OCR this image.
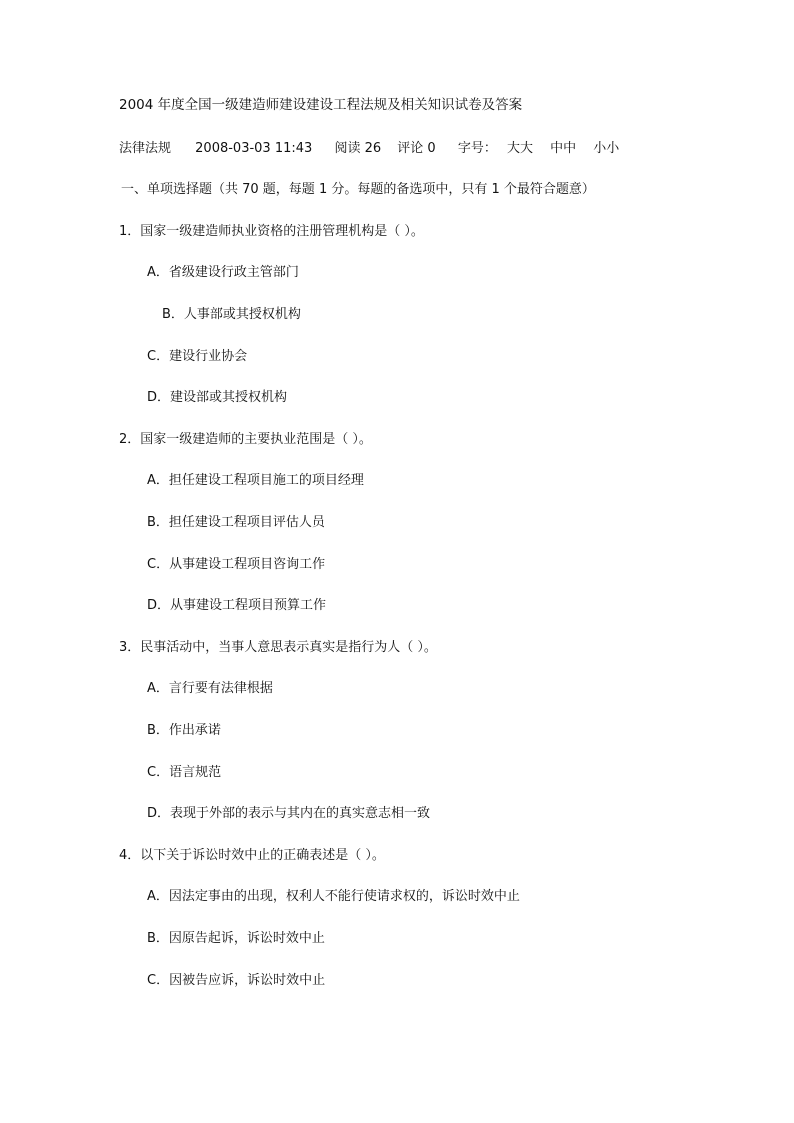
2004 年度全国一级建造师建设建设工程法规及相关知识试卷及答案
法律法规 2008-03-03 11:43 阅读 26 评论 0 字号： 大大 中中 小小
一、单项选择题（共 70 题，每题 1 分。每题的备选项中，只有 1 个最符合题意）
1．国家一级建造师执业资格的注册管理机构是（ ）。
A．省级建设行政主管部门
B．人事部或其授权机构
C．建设行业协会
D．建设部或其授权机构
2．国家一级建造师的主要执业范围是（ ）。
A．担任建设工程项目施工的项目经理
B．担任建设工程项目评估人员
C．从事建设工程项目咨询工作
D．从事建设工程项目预算工作
3．民事活动中，当事人意思表示真实是指行为人（ ）。
A．言行要有法律根据
B．作出承诺
C．语言规范
D．表现于外部的表示与其内在的真实意志相一致
4．以下关于诉讼时效中止的正确表述是（ ）。
A．因法定事由的出现，权利人不能行使请求权的，诉讼时效中止
B．因原告起诉，诉讼时效中止
C．因被告应诉，诉讼时效中止
